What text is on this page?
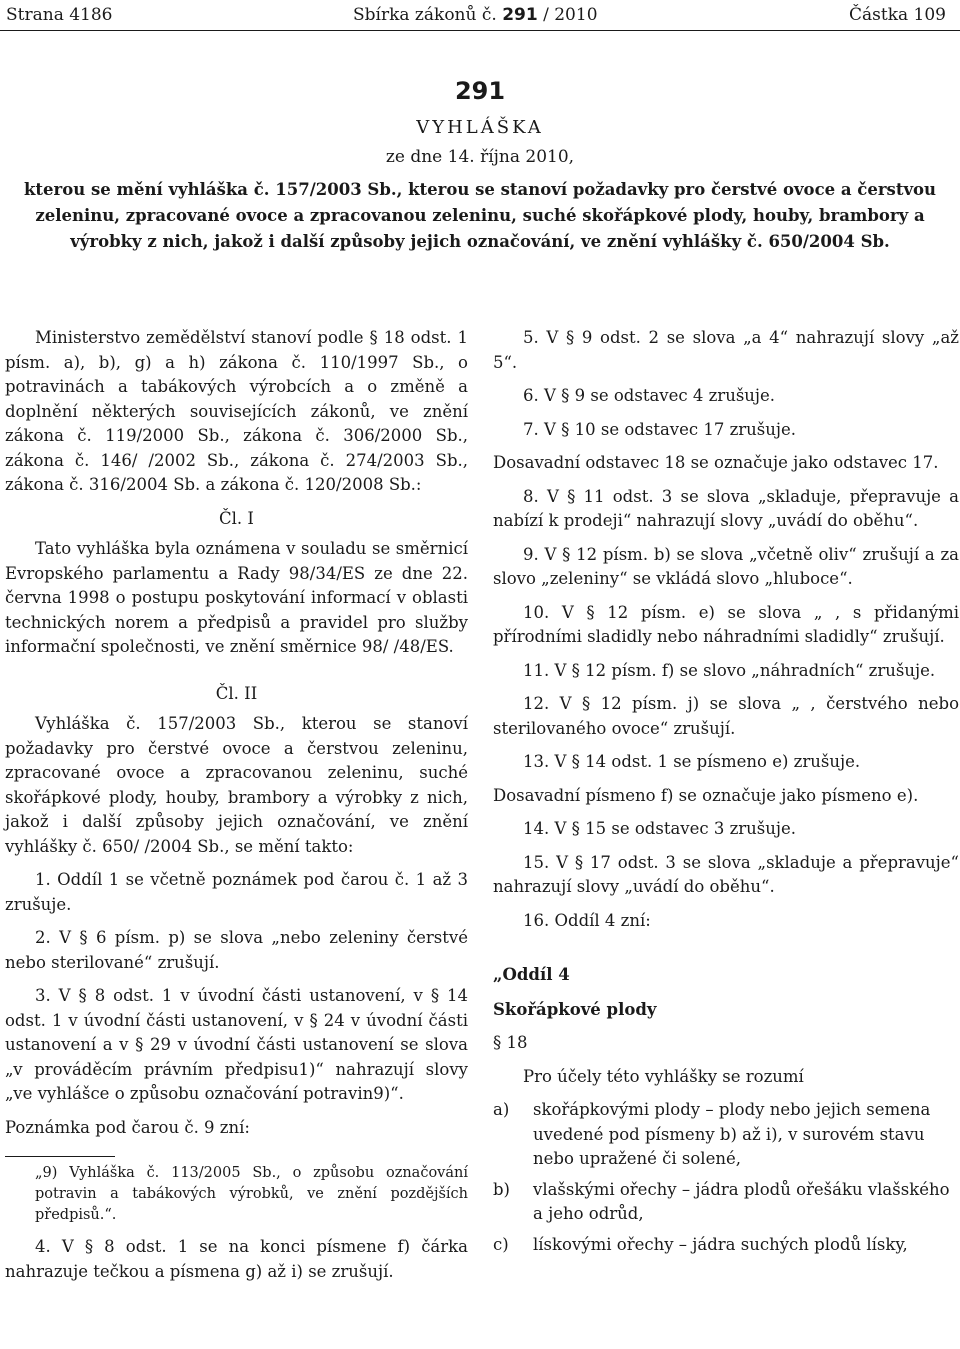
Strana 4186	Sbírka zákonů č. 291 / 2010	Částka 109
291
VYHLÁŠKA
ze dne 14. října 2010,
kterou se mění vyhláška č. 157/2003 Sb., kterou se stanoví požadavky pro čerstvé ovoce a čerstvou zeleninu, zpracované ovoce a zpracovanou zeleninu, suché skořápkové plody, houby, brambory a výrobky z nich, jakož i další způsoby jejich označování, ve znění vyhlášky č. 650/2004 Sb.

Ministerstvo zemědělství stanoví podle § 18 odst. 1 písm. a), b), g) a h) zákona č. 110/1997 Sb., o potravinách a tabákových výrobcích a o změně a doplnění některých souvisejících zákonů, ve znění zákona č. 119/2000 Sb., zákona č. 306/2000 Sb., zákona č. 146/ /2002 Sb., zákona č. 274/2003 Sb., zákona č. 316/2004 Sb. a zákona č. 120/2008 Sb.:

Čl. I

Tato vyhláška byla oznámena v souladu se směrnicí Evropského parlamentu a Rady 98/34/ES ze dne 22. června 1998 o postupu poskytování informací v oblasti technických norem a předpisů a pravidel pro služby informační společnosti, ve znění směrnice 98/ /48/ES.

Čl. II

Vyhláška č. 157/2003 Sb., kterou se stanoví požadavky pro čerstvé ovoce a čerstvou zeleninu, zpracované ovoce a zpracovanou zeleninu, suché skořápkové plody, houby, brambory a výrobky z nich, jakož i další způsoby jejich označování, ve znění vyhlášky č. 650/ /2004 Sb., se mění takto:

1. Oddíl 1 se včetně poznámek pod čarou č. 1 až 3 zrušuje.

2. V § 6 písm. p) se slova „nebo zeleniny čerstvé nebo sterilované“ zrušují.

3. V § 8 odst. 1 v úvodní části ustanovení, v § 14 odst. 1 v úvodní části ustanovení, v § 24 v úvodní části ustanovení a v § 29 v úvodní části ustanovení se slova „v prováděcím právním předpisu1)“ nahrazují slovy „ve vyhlášce o způsobu označování potravin9)“.

Poznámka pod čarou č. 9 zní:

„9) Vyhláška č. 113/2005 Sb., o způsobu označování potravin a tabákových výrobků, ve znění pozdějších předpisů.“.

4. V § 8 odst. 1 se na konci písmene f) čárka nahrazuje tečkou a písmena g) až i) se zrušují.

5. V § 9 odst. 2 se slova „a 4“ nahrazují slovy „až 5“.

6. V § 9 se odstavec 4 zrušuje.

7. V § 10 se odstavec 17 zrušuje.

Dosavadní odstavec 18 se označuje jako odstavec 17.

8. V § 11 odst. 3 se slova „skladuje, přepravuje a nabízí k prodeji“ nahrazují slovy „uvádí do oběhu“.

9. V § 12 písm. b) se slova „včetně oliv“ zrušují a za slovo „zeleniny“ se vkládá slovo „hluboce“.

10. V § 12 písm. e) se slova „ , s přidanými přírodními sladidly nebo náhradními sladidly“ zrušují.

11. V § 12 písm. f) se slovo „náhradních“ zrušuje.

12. V § 12 písm. j) se slova „ , čerstvého nebo sterilovaného ovoce“ zrušují.

13. V § 14 odst. 1 se písmeno e) zrušuje.

Dosavadní písmeno f) se označuje jako písmeno e).

14. V § 15 se odstavec 3 zrušuje.

15. V § 17 odst. 3 se slova „skladuje a přepravuje“ nahrazují slovy „uvádí do oběhu“.

16. Oddíl 4 zní:

„Oddíl 4

Skořápkové plody

§ 18

Pro účely této vyhlášky se rozumí

a)	skořápkovými plody – plody nebo jejich semena uvedené pod písmeny b) až i), v surovém stavu nebo upražené či solené,
b)	vlašskými ořechy – jádra plodů ořešáku vlašského a jeho odrůd,
c)	lískovými ořechy – jádra suchých plodů lísky,
